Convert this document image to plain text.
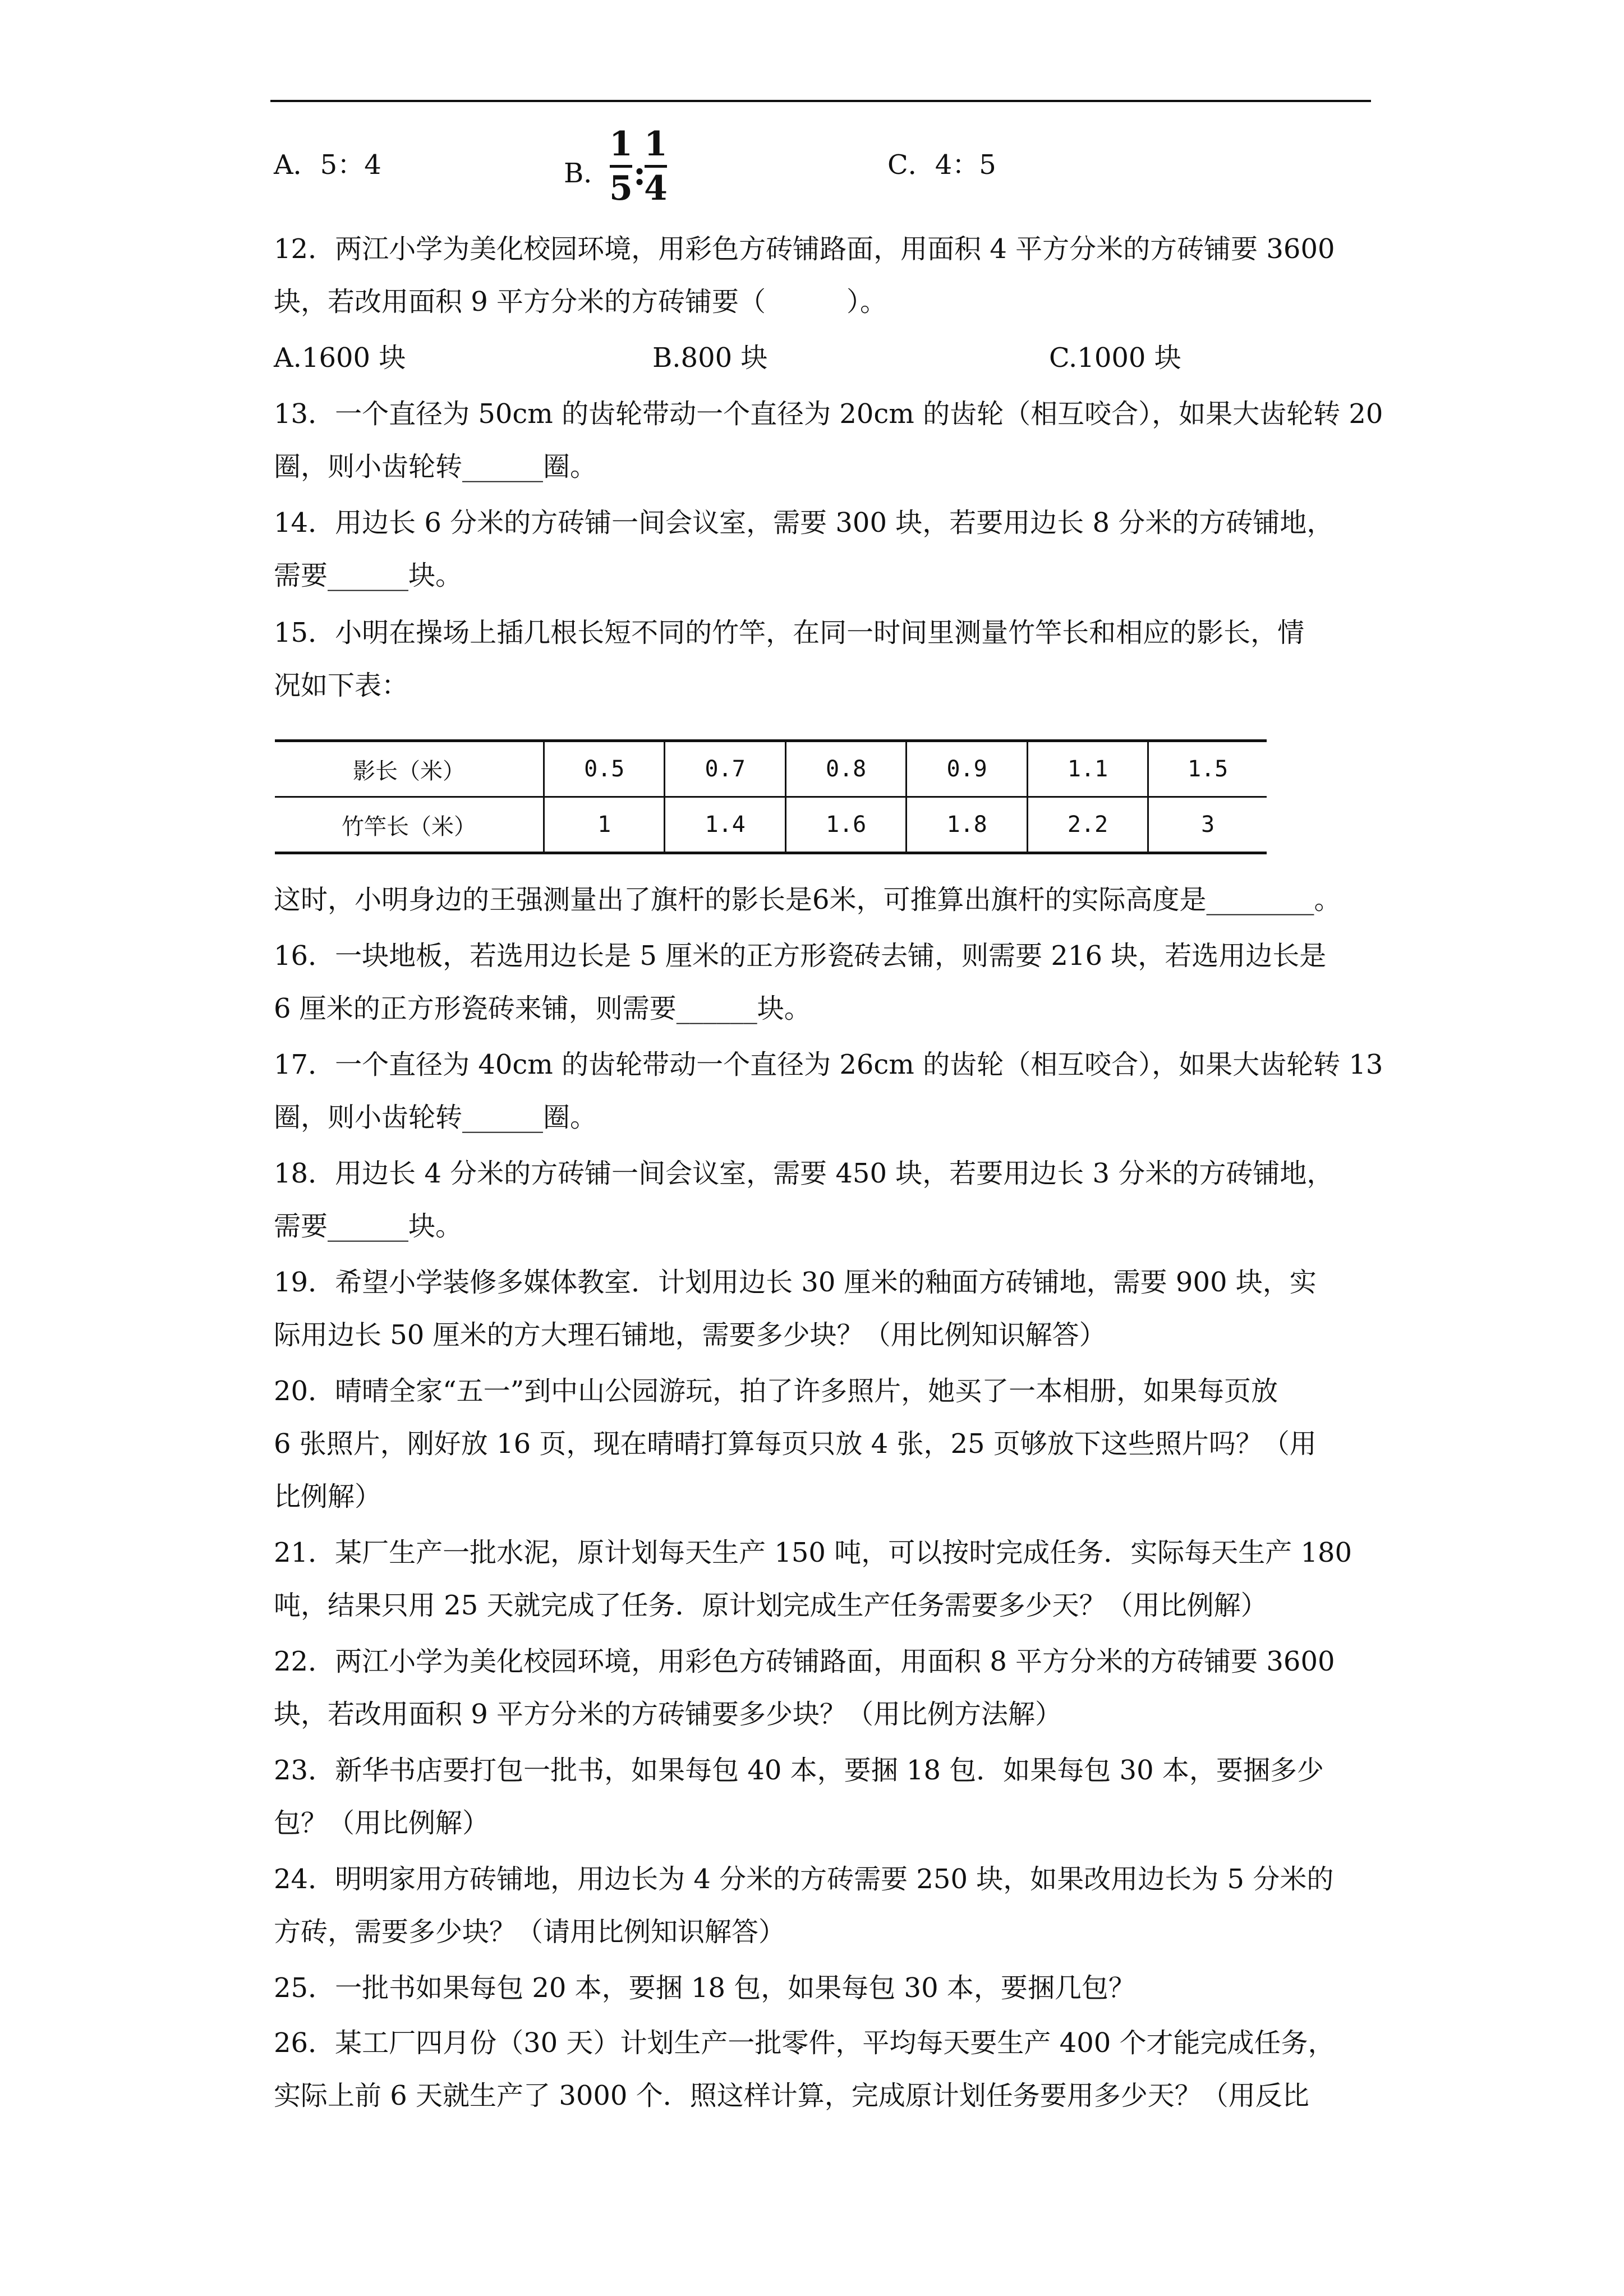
A．5：4	B．
1
5 :
1
4
C．4：5
12．两江小学为美化校园环境，用彩色方砖铺路面，用面积 4 平方分米的方砖铺要 3600
块，若改用面积 9 平方分米的方砖铺要（　　　）。
A.1600 块	B.800 块	C.1000 块
13．一个直径为 50cm 的齿轮带动一个直径为 20cm 的齿轮（相互咬合），如果大齿轮转 20
圈，则小齿轮转______圈。
14．用边长 6 分米的方砖铺一间会议室，需要 300 块，若要用边长 8 分米的方砖铺地，
需要______块。
15．小明在操场上插几根长短不同的竹竿，在同一时间里测量竹竿长和相应的影长，情
况如下表：
影长（米）	0.5	0.7	0.8	0.9	1.1	1.5
竹竿长（米）	1	1.4	1.6	1.8	2.2	3
这时，小明身边的王强测量出了旗杆的影长是6米，可推算出旗杆的实际高度是________。
16．一块地板，若选用边长是 5 厘米的正方形瓷砖去铺，则需要 216 块，若选用边长是
6 厘米的正方形瓷砖来铺，则需要______块。
17．一个直径为 40cm 的齿轮带动一个直径为 26cm 的齿轮（相互咬合），如果大齿轮转 13
圈，则小齿轮转______圈。
18．用边长 4 分米的方砖铺一间会议室，需要 450 块，若要用边长 3 分米的方砖铺地，
需要______块。
19．希望小学装修多媒体教室．计划用边长 30 厘米的釉面方砖铺地，需要 900 块，实
际用边长 50 厘米的方大理石铺地，需要多少块？（用比例知识解答）
20．晴晴全家“五一”到中山公园游玩，拍了许多照片，她买了一本相册，如果每页放
6 张照片，刚好放 16 页，现在晴晴打算每页只放 4 张，25 页够放下这些照片吗？（用
比例解）
21．某厂生产一批水泥，原计划每天生产 150 吨，可以按时完成任务．实际每天生产 180
吨，结果只用 25 天就完成了任务．原计划完成生产任务需要多少天？（用比例解）
22．两江小学为美化校园环境，用彩色方砖铺路面，用面积 8 平方分米的方砖铺要 3600
块，若改用面积 9 平方分米的方砖铺要多少块？（用比例方法解）
23．新华书店要打包一批书，如果每包 40 本，要捆 18 包．如果每包 30 本，要捆多少
包？（用比例解）
24．明明家用方砖铺地，用边长为 4 分米的方砖需要 250 块，如果改用边长为 5 分米的
方砖，需要多少块？（请用比例知识解答）
25．一批书如果每包 20 本，要捆 18 包，如果每包 30 本，要捆几包？
26．某工厂四月份（30 天）计划生产一批零件，平均每天要生产 400 个才能完成任务，
实际上前 6 天就生产了 3000 个．照这样计算，完成原计划任务要用多少天？（用反比
